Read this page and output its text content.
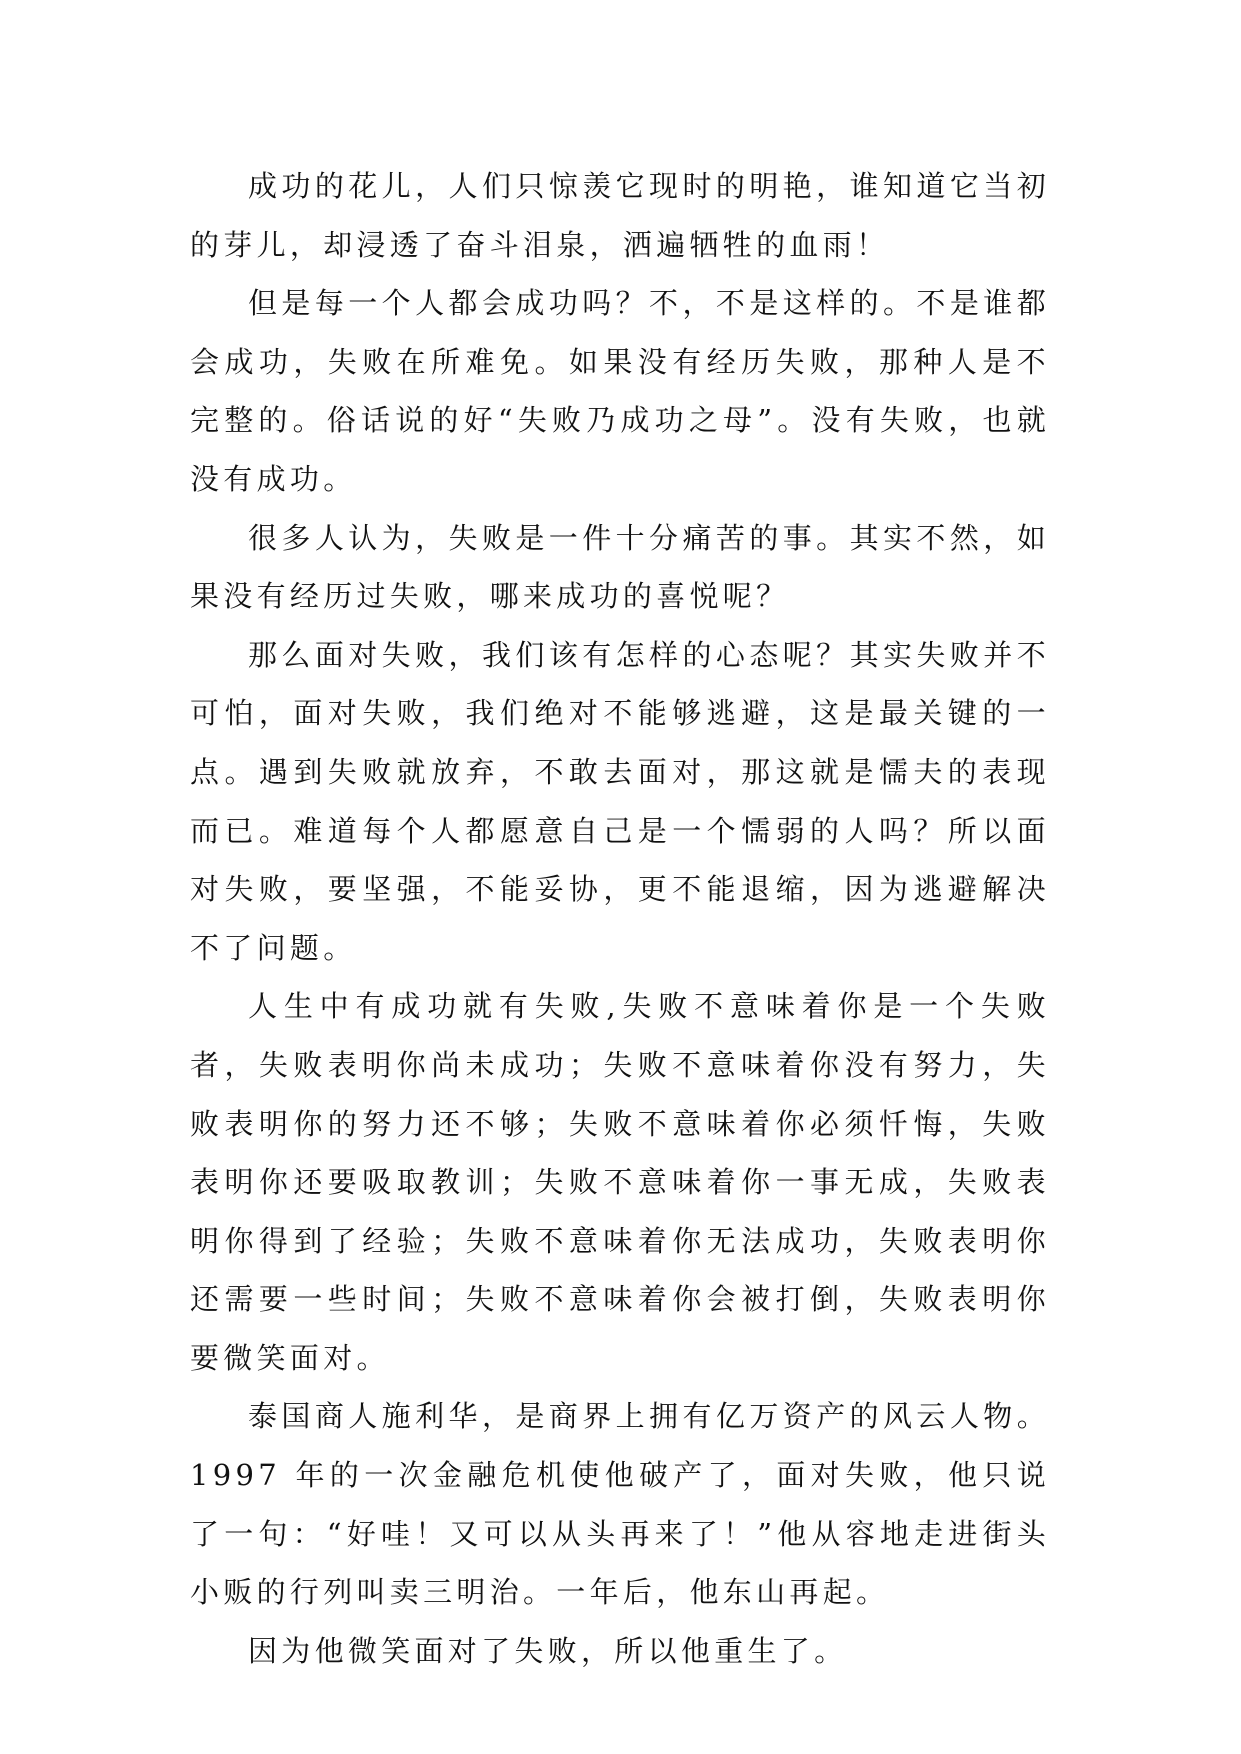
成功的花儿，人们只惊羡它现时的明艳，谁知道它当初的芽儿，却浸透了奋斗泪泉，洒遍牺牲的血雨！

但是每一个人都会成功吗？不，不是这样的。不是谁都会成功，失败在所难免。如果没有经历失败，那种人是不完整的。俗话说的好“失败乃成功之母”。没有失败，也就没有成功。

很多人认为，失败是一件十分痛苦的事。其实不然，如果没有经历过失败，哪来成功的喜悦呢？

那么面对失败，我们该有怎样的心态呢？其实失败并不可怕，面对失败，我们绝对不能够逃避，这是最关键的一点。遇到失败就放弃，不敢去面对，那这就是懦夫的表现而已。难道每个人都愿意自己是一个懦弱的人吗？所以面对失败，要坚强，不能妥协，更不能退缩，因为逃避解决不了问题。

人生中有成功就有失败,失败不意味着你是一个失败者，失败表明你尚未成功；失败不意味着你没有努力，失败表明你的努力还不够；失败不意味着你必须忏悔，失败表明你还要吸取教训；失败不意味着你一事无成，失败表明你得到了经验；失败不意味着你无法成功，失败表明你还需要一些时间；失败不意味着你会被打倒，失败表明你要微笑面对。

泰国商人施利华，是商界上拥有亿万资产的风云人物。1997 年的一次金融危机使他破产了，面对失败，他只说了一句：“好哇！又可以从头再来了！”他从容地走进街头小贩的行列叫卖三明治。一年后，他东山再起。

因为他微笑面对了失败，所以他重生了。
